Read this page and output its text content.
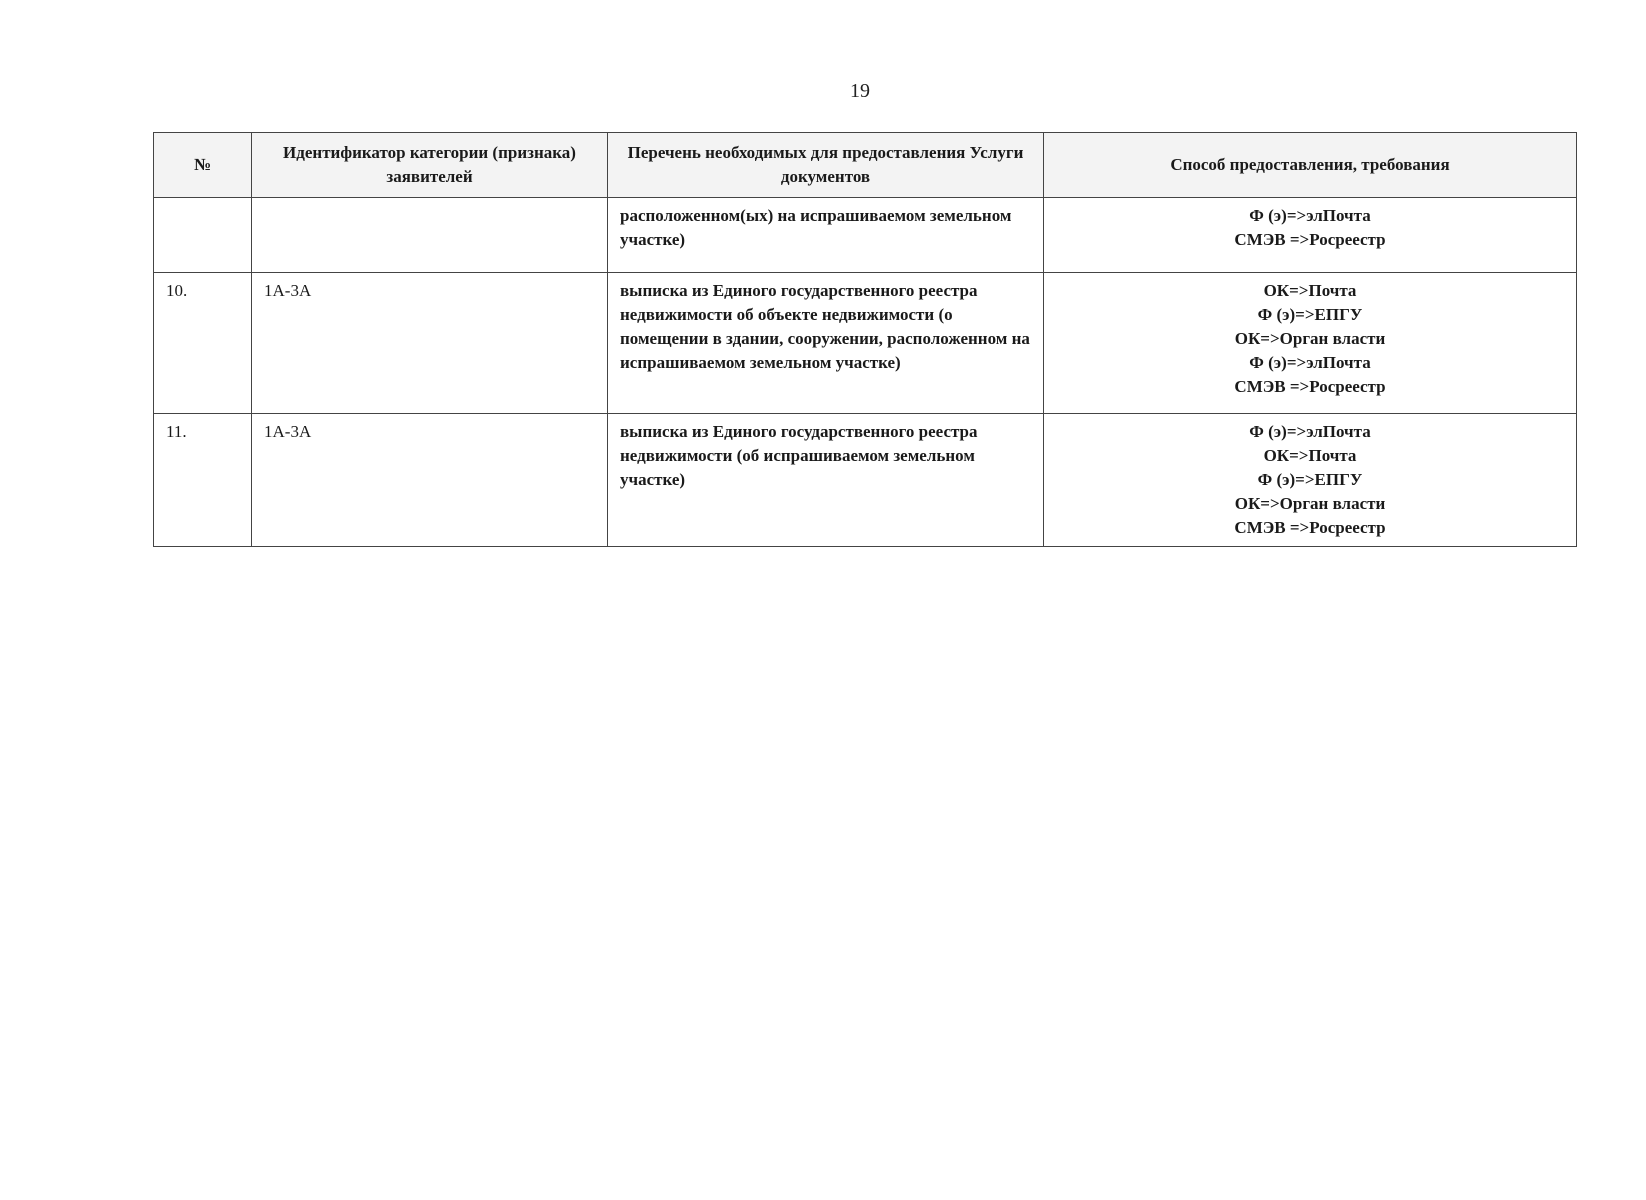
19
№	Идентификатор категории (признака) заявителей	Перечень необходимых для предоставления Услуги документов	Способ предоставления, требования
		расположенном(ых) на испрашиваемом земельном участке)	Ф (э)=>элПочта
СМЭВ =>Росреестр

10.	1А-3А	выписка из Единого государственного реестра недвижимости об объекте недвижимости (о помещении в здании, сооружении, расположенном на испрашиваемом земельном участке)	ОК=>Почта
Ф (э)=>ЕПГУ
ОК=>Орган власти
Ф (э)=>элПочта
СМЭВ =>Росреестр

11.	1А-3А	выписка из Единого государственного реестра недвижимости (об испрашиваемом земельном участке)	Ф (э)=>элПочта
ОК=>Почта
Ф (э)=>ЕПГУ
ОК=>Орган власти
СМЭВ =>Росреестр
